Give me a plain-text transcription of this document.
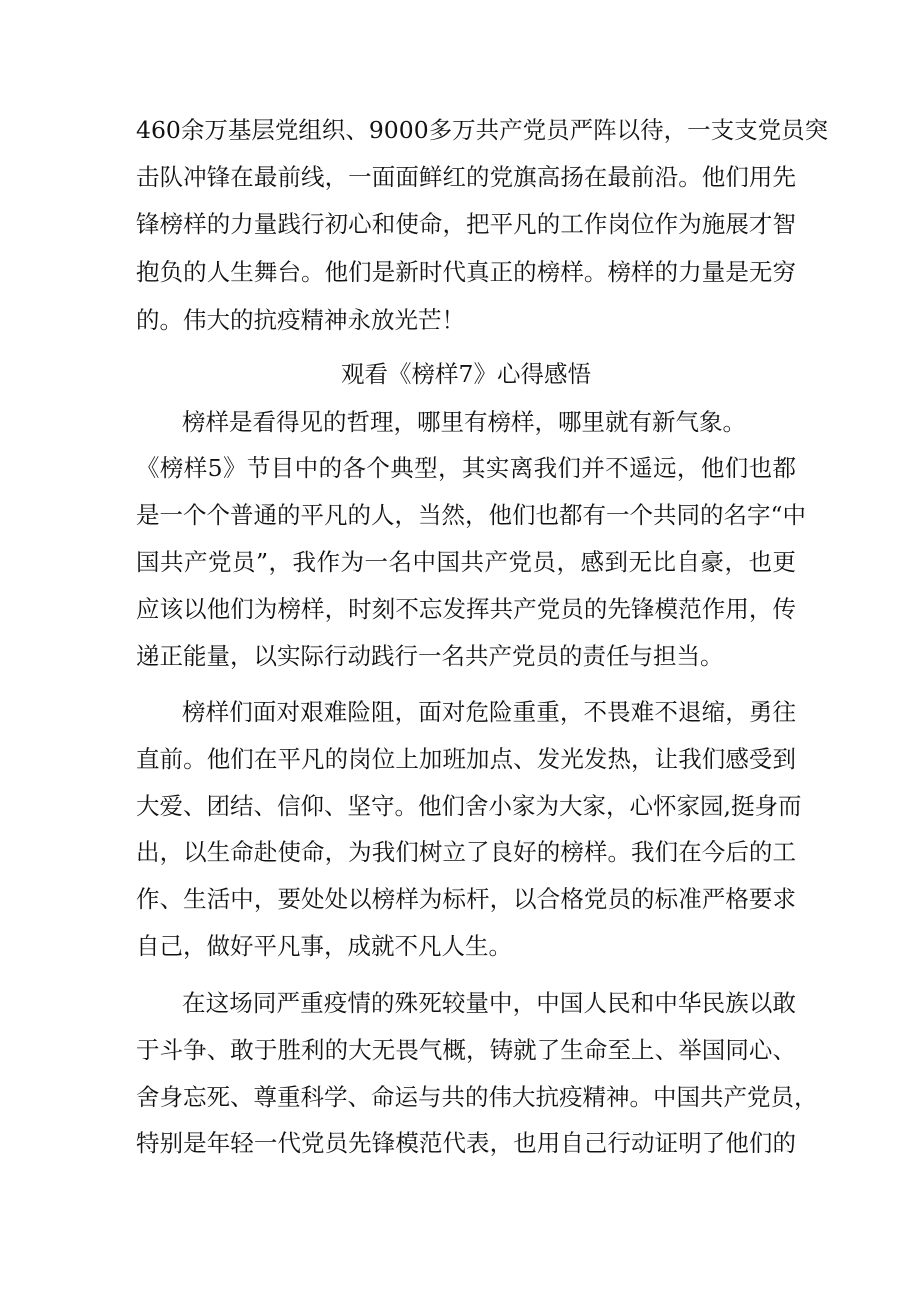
460余万基层党组织、9000多万共产党员严阵以待，一支支党员突
击队冲锋在最前线，一面面鲜红的党旗高扬在最前沿。他们用先
锋榜样的力量践行初心和使命，把平凡的工作岗位作为施展才智
抱负的人生舞台。他们是新时代真正的榜样。榜样的力量是无穷
的。伟大的抗疫精神永放光芒！
观看《榜样7》心得感悟
榜样是看得见的哲理，哪里有榜样，哪里就有新气象。
《榜样5》节目中的各个典型，其实离我们并不遥远，他们也都
是一个个普通的平凡的人，当然，他们也都有一个共同的名字“中
国共产党员”，我作为一名中国共产党员，感到无比自豪，也更
应该以他们为榜样，时刻不忘发挥共产党员的先锋模范作用，传
递正能量，以实际行动践行一名共产党员的责任与担当。
榜样们面对艰难险阻，面对危险重重，不畏难不退缩，勇往
直前。他们在平凡的岗位上加班加点、发光发热，让我们感受到
大爱、团结、信仰、坚守。他们舍小家为大家，心怀家园,挺身而
出，以生命赴使命，为我们树立了良好的榜样。我们在今后的工
作、生活中，要处处以榜样为标杆，以合格党员的标准严格要求
自己，做好平凡事，成就不凡人生。
在这场同严重疫情的殊死较量中，中国人民和中华民族以敢
于斗争、敢于胜利的大无畏气概，铸就了生命至上、举国同心、
舍身忘死、尊重科学、命运与共的伟大抗疫精神。中国共产党员，
特别是年轻一代党员先锋模范代表，也用自己行动证明了他们的
